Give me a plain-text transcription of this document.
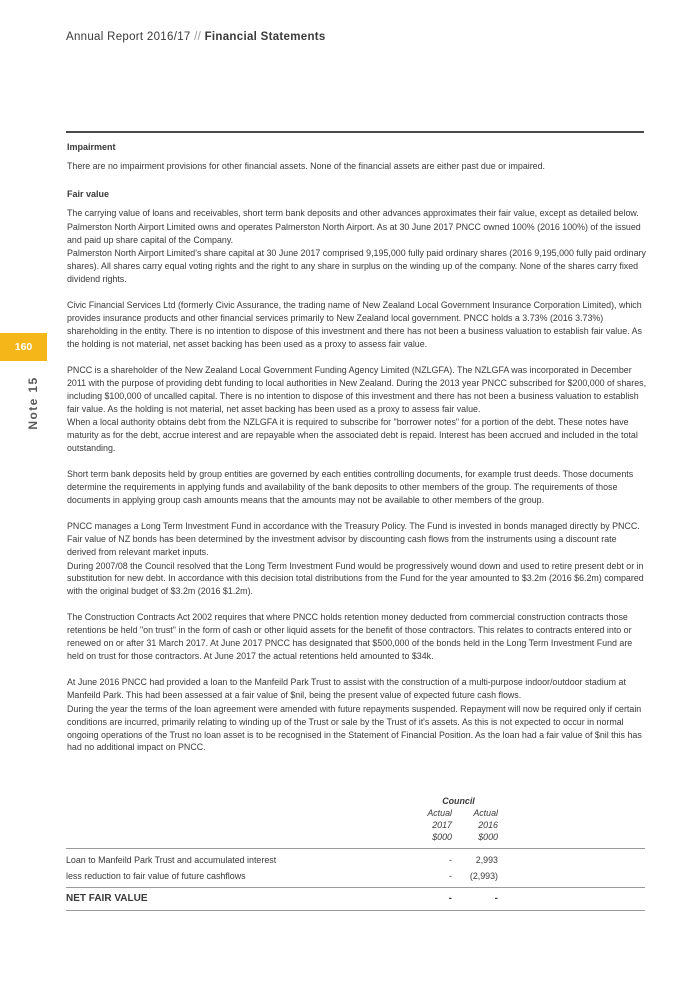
Annual Report 2016/17 // Financial Statements
160
Note 15
Impairment

There are no impairment provisions for other financial assets. None of the financial assets are either past due or impaired.

Fair value

The carrying value of loans and receivables, short term bank deposits and other advances approximates their fair value, except as detailed below.

Palmerston North Airport Limited owns and operates Palmerston North Airport. As at 30 June 2017 PNCC owned 100% (2016 100%) of the issued and paid up share capital of the Company.

Palmerston North Airport Limited's share capital at 30 June 2017 comprised 9,195,000 fully paid ordinary shares (2016 9,195,000 fully paid ordinary shares). All shares carry equal voting rights and the right to any share in surplus on the winding up of the company. None of the shares carry fixed dividend rights.

Civic Financial Services Ltd (formerly Civic Assurance, the trading name of New Zealand Local Government Insurance Corporation Limited), which provides insurance products and other financial services primarily to New Zealand local government. PNCC holds a 3.73% (2016 3.73%) shareholding in the entity. There is no intention to dispose of this investment and there has not been a business valuation to establish fair value. As the holding is not material, net asset backing has been used as a proxy to assess fair value.

PNCC is a shareholder of the New Zealand Local Government Funding Agency Limited (NZLGFA). The NZLGFA was incorporated in December 2011 with the purpose of providing debt funding to local authorities in New Zealand. During the 2013 year PNCC subscribed for $200,000 of shares, including $100,000 of uncalled capital. There is no intention to dispose of this investment and there has not been a business valuation to establish fair value. As the holding is not material, net asset backing has been used as a proxy to assess fair value.

When a local authority obtains debt from the NZLGFA it is required to subscribe for "borrower notes" for a portion of the debt. These notes have maturity as for the debt, accrue interest and are repayable when the associated debt is repaid. Interest has been accrued and included in the total outstanding.

Short term bank deposits held by group entities are governed by each entities controlling documents, for example trust deeds. Those documents determine the requirements in applying funds and availability of the bank deposits to other members of the group. The requirements of those documents in applying group cash amounts means that the amounts may not be available to other members of the group.

PNCC manages a Long Term Investment Fund in accordance with the Treasury Policy. The Fund is invested in bonds managed directly by PNCC. Fair value of NZ bonds has been determined by the investment advisor by discounting cash flows from the instruments using a discount rate derived from relevant market inputs.

During 2007/08 the Council resolved that the Long Term Investment Fund would be progressively wound down and used to retire present debt or in substitution for new debt. In accordance with this decision total distributions from the Fund for the year amounted to $3.2m (2016 $6.2m) compared with the original budget of $3.2m (2016 $1.2m).

The Construction Contracts Act 2002 requires that where PNCC holds retention money deducted from commercial construction contracts those retentions be held "on trust" in the form of cash or other liquid assets for the benefit of those contractors. This relates to contracts entered into or renewed on or after 31 March 2017. At June 2017 PNCC has designated that $500,000 of the bonds held in the Long Term Investment Fund are held on trust for those contractors. At June 2017 the actual retentions held amounted to $34k.

At June 2016 PNCC had provided a loan to the Manfeild Park Trust to assist with the construction of a multi-purpose indoor/outdoor stadium at Manfeild Park. This had been assessed at a fair value of $nil, being the present value of expected future cash flows.

During the year the terms of the loan agreement were amended with future repayments suspended. Repayment will now be required only if certain conditions are incurred, primarily relating to winding up of the Trust or sale by the Trust of it's assets. As this is not expected to occur in normal ongoing operations of the Trust no loan asset is to be recognised in the Statement of Financial Position. As the loan had a fair value of $nil this has had no additional impact on PNCC.

	Council		
	Actual	Actual	
	2017	2016	
	$000	$000	

Loan to Manfeild Park Trust and accumulated interest	-	2,993	
less reduction to fair value of future cashflows	-	(2,993)	

NET FAIR VALUE	-	-	
